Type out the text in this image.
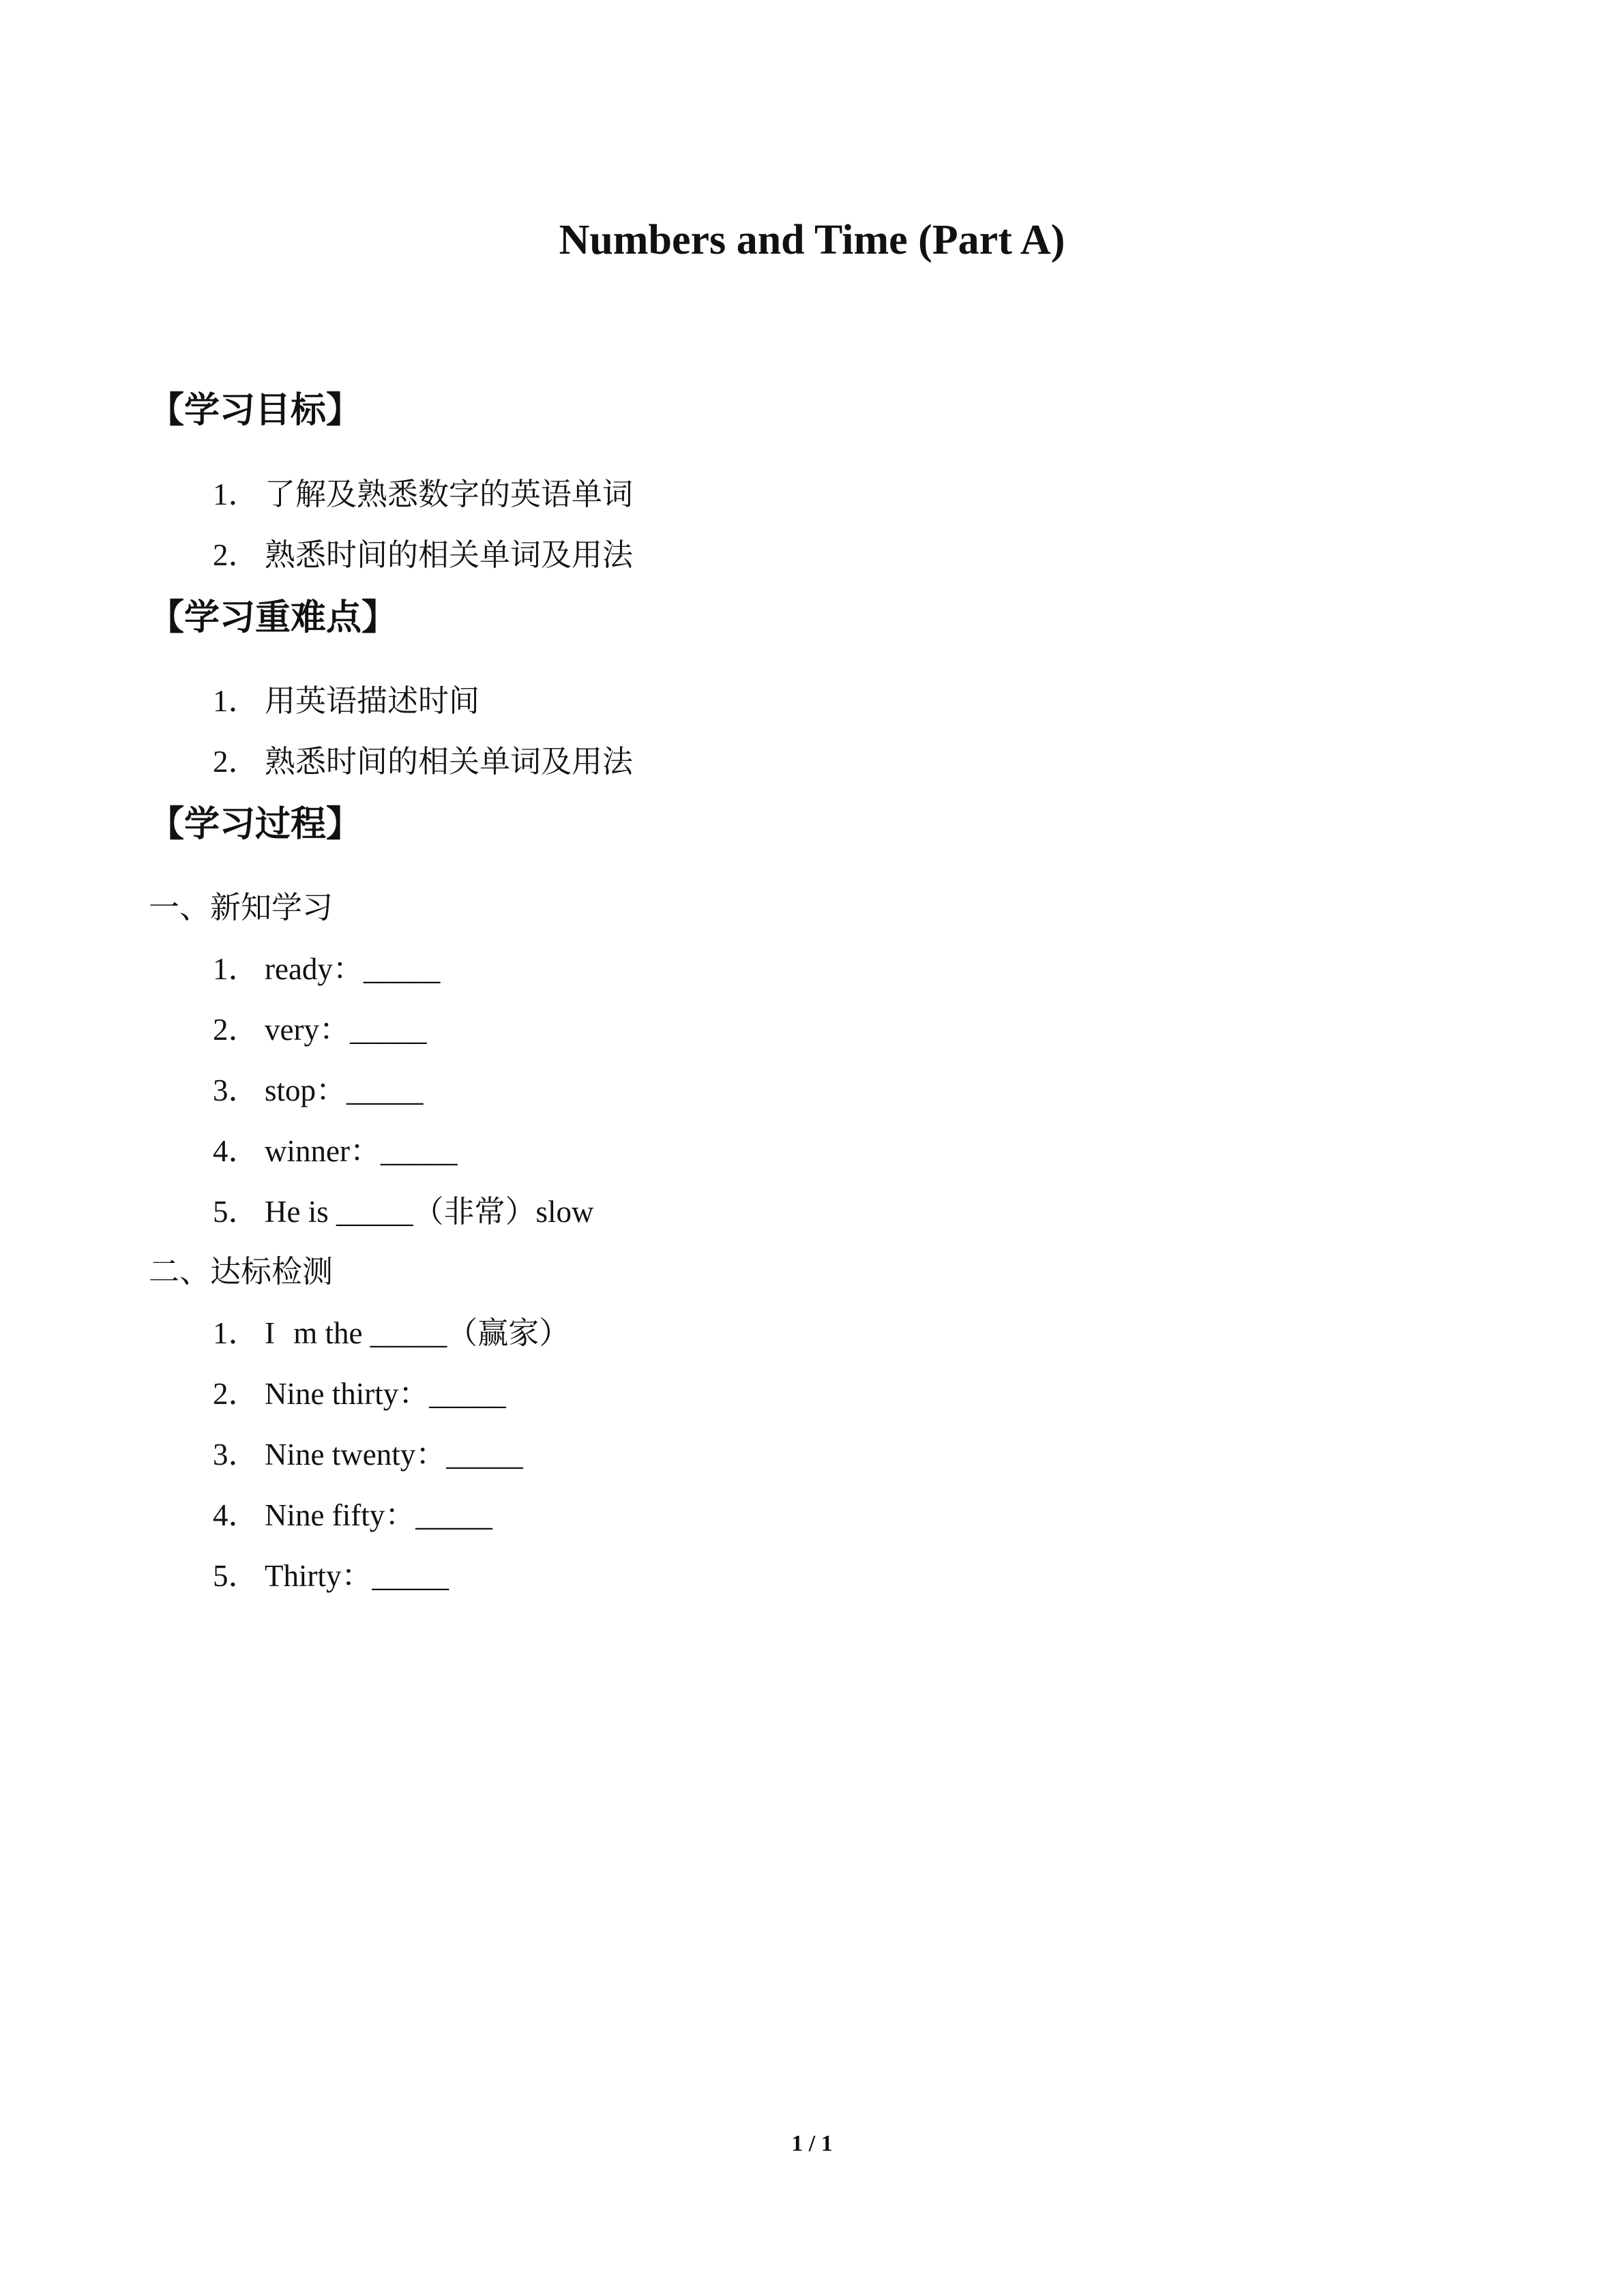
Numbers and Time (Part A)
【学习目标】
1． 了解及熟悉数字的英语单词
2． 熟悉时间的相关单词及用法
【学习重难点】
1． 用英语描述时间
2． 熟悉时间的相关单词及用法
【学习过程】
一、新知学习
1． ready：_____
2． very：_____
3． stop：_____
4． winner：_____
5． He is _____（非常）slow
二、达标检测
1． Im the _____（赢家）
2． Nine thirty：_____
3． Nine twenty：_____
4． Nine fifty：_____
5． Thirty：_____
1 / 1
